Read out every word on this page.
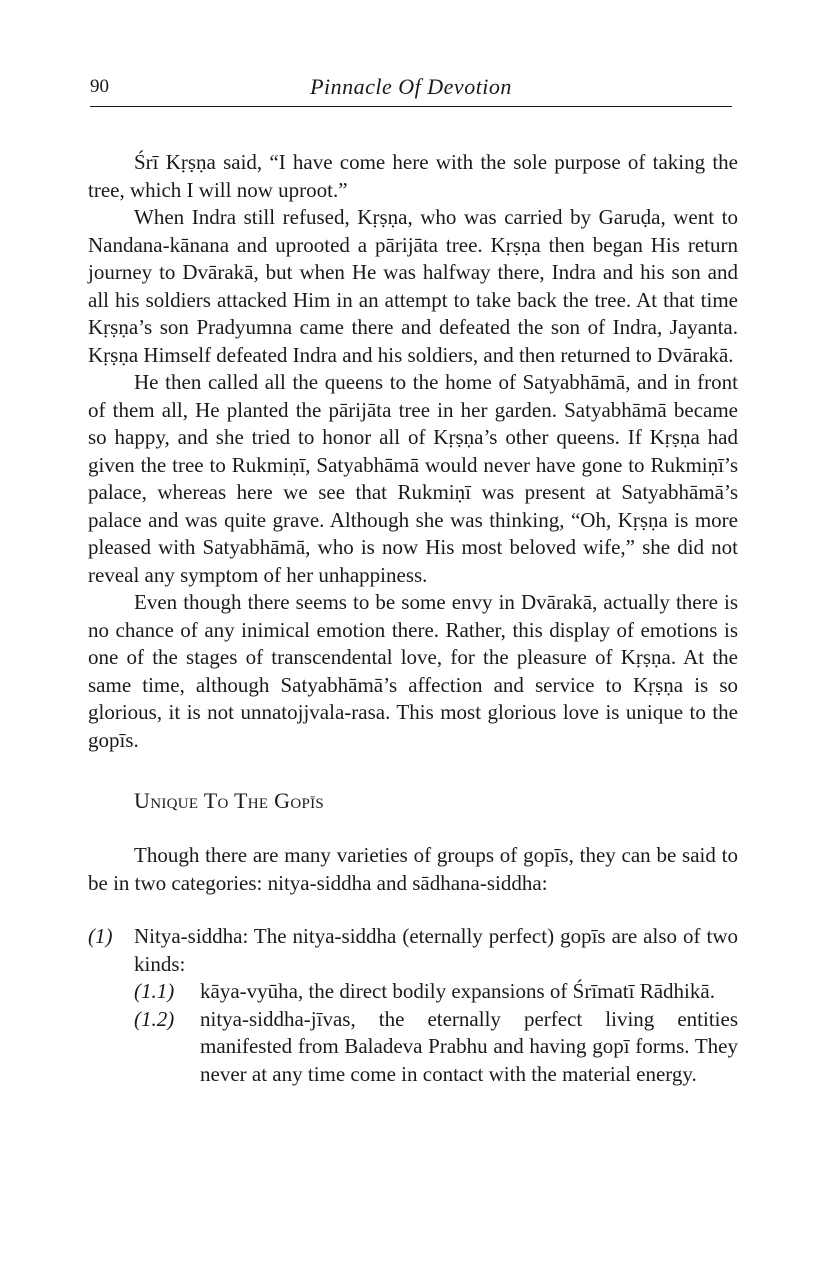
90	Pinnacle Of Devotion

Śrī Kṛṣṇa said, “I have come here with the sole purpose of taking the tree, which I will now uproot.”

When Indra still refused, Kṛṣṇa, who was carried by Garuḍa, went to Nandana-kānana and uprooted a pārijāta tree. Kṛṣṇa then began His return journey to Dvārakā, but when He was halfway there, Indra and his son and all his soldiers attacked Him in an attempt to take back the tree. At that time Kṛṣṇa’s son Pradyumna came there and defeated the son of Indra, Jayanta. Kṛṣṇa Himself defeated Indra and his soldiers, and then returned to Dvārakā.

He then called all the queens to the home of Satyabhāmā, and in front of them all, He planted the pārijāta tree in her garden. Satyabhāmā became so happy, and she tried to honor all of Kṛṣṇa’s other queens. If Kṛṣṇa had given the tree to Rukmiṇī, Satyabhāmā would never have gone to Rukmiṇī’s palace, whereas here we see that Rukmiṇī was present at Satyabhāmā’s palace and was quite grave. Although she was thinking, “Oh, Kṛṣṇa is more pleased with Satyabhāmā, who is now His most beloved wife,” she did not reveal any symptom of her unhappiness.

Even though there seems to be some envy in Dvārakā, actually there is no chance of any inimical emotion there. Rather, this display of emotions is one of the stages of transcendental love, for the pleasure of Kṛṣṇa. At the same time, although Satyabhāmā’s affection and service to Kṛṣṇa is so glorious, it is not unnatojjvala-rasa. This most glorious love is unique to the gopīs.

Unique To The Gopīs

Though there are many varieties of groups of gopīs, they can be said to be in two categories: nitya-siddha and sādhana-siddha:

(1)	Nitya-siddha: The nitya-siddha (eternally perfect) gopīs are also of two kinds:
(1.1)	kāya-vyūha, the direct bodily expansions of Śrīmatī Rādhikā.
(1.2)	nitya-siddha-jīvas, the eternally perfect living entities manifested from Baladeva Prabhu and having gopī forms. They never at any time come in contact with the material energy.
